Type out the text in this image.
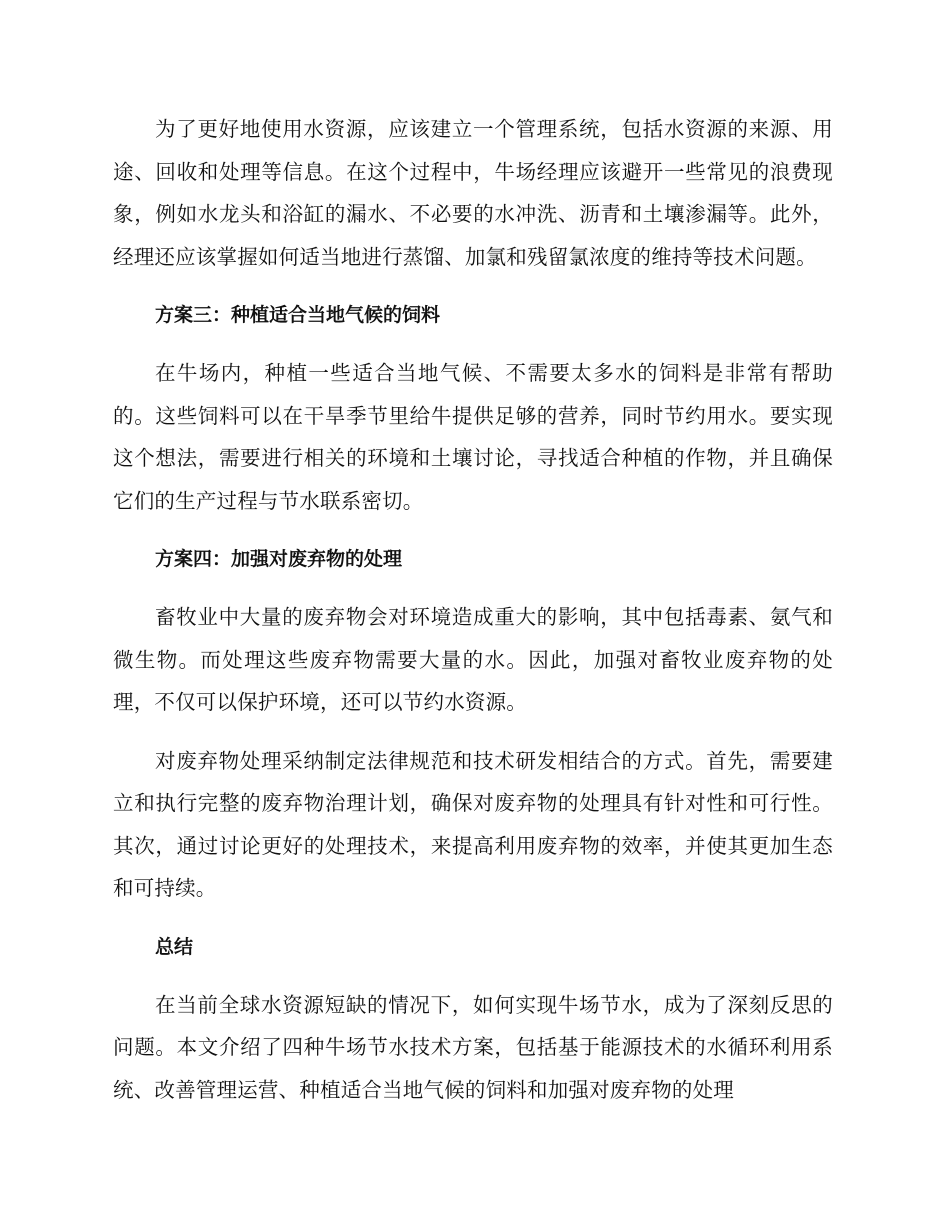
为了更好地使用水资源，应该建立一个管理系统，包括水资源的来源、用途、回收和处理等信息。在这个过程中，牛场经理应该避开一些常见的浪费现象，例如水龙头和浴缸的漏水、不必要的水冲洗、沥青和土壤渗漏等。此外，经理还应该掌握如何适当地进行蒸馏、加氯和残留氯浓度的维持等技术问题。

方案三：种植适合当地气候的饲料

在牛场内，种植一些适合当地气候、不需要太多水的饲料是非常有帮助的。这些饲料可以在干旱季节里给牛提供足够的营养，同时节约用水。要实现这个想法，需要进行相关的环境和土壤讨论，寻找适合种植的作物，并且确保它们的生产过程与节水联系密切。

方案四：加强对废弃物的处理

畜牧业中大量的废弃物会对环境造成重大的影响，其中包括毒素、氨气和微生物。而处理这些废弃物需要大量的水。因此，加强对畜牧业废弃物的处理，不仅可以保护环境，还可以节约水资源。

对废弃物处理采纳制定法律规范和技术研发相结合的方式。首先，需要建立和执行完整的废弃物治理计划，确保对废弃物的处理具有针对性和可行性。其次，通过讨论更好的处理技术，来提高利用废弃物的效率，并使其更加生态和可持续。

总结

在当前全球水资源短缺的情况下，如何实现牛场节水，成为了深刻反思的问题。本文介绍了四种牛场节水技术方案，包括基于能源技术的水循环利用系统、改善管理运营、种植适合当地气候的饲料和加强对废弃物的处理
